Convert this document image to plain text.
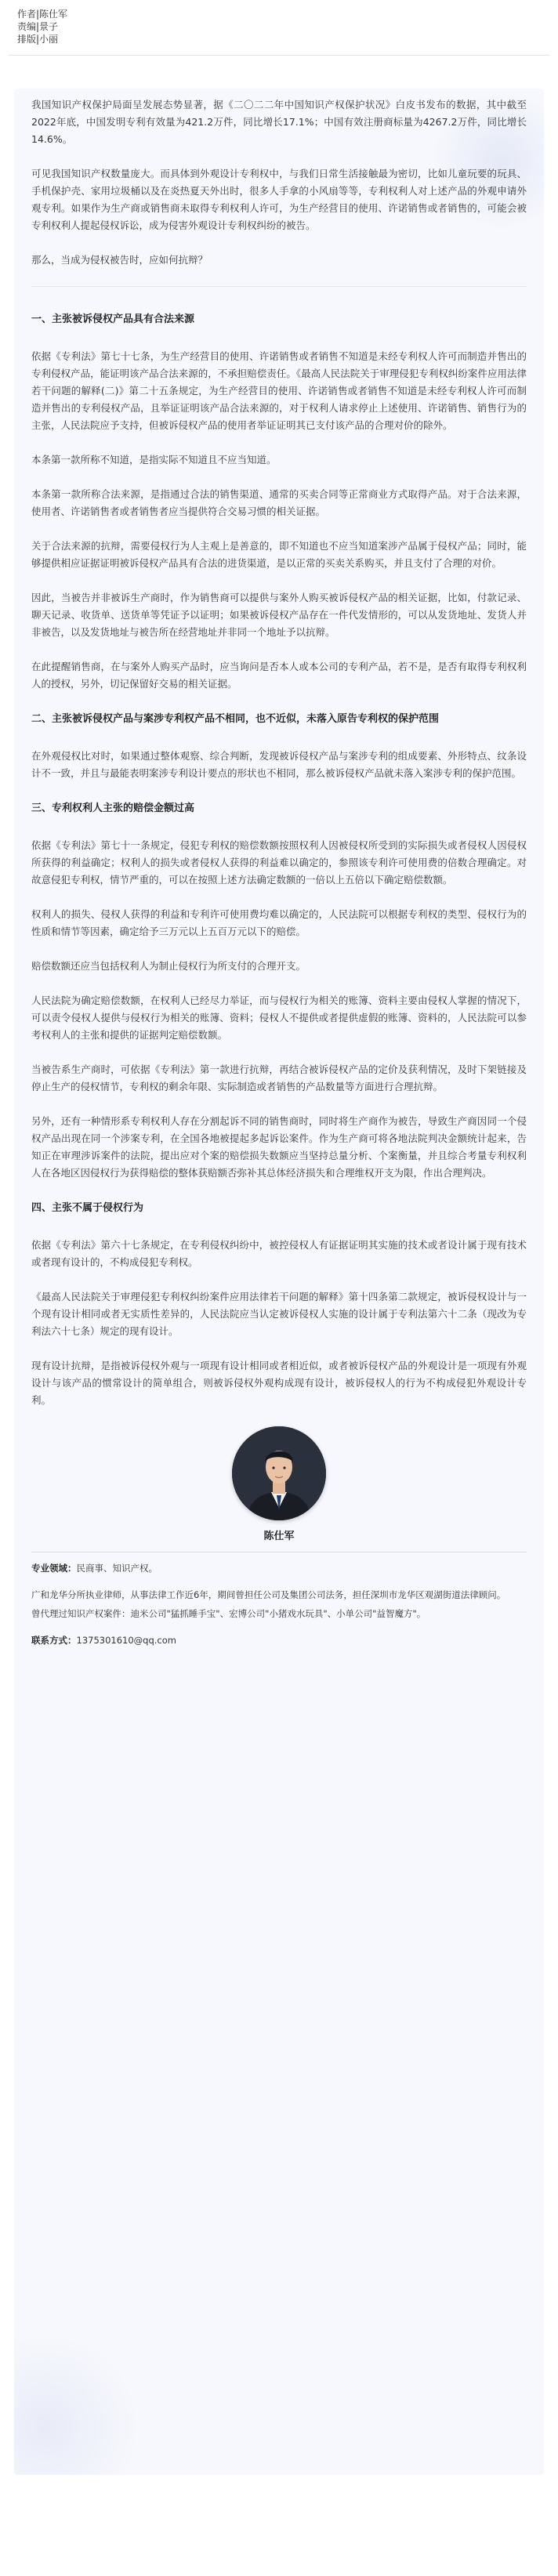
作者|陈仕军
责编|景子
排版|小丽
我国知识产权保护局面呈发展态势显著，据《二〇二二年中国知识产权保护状况》白皮书发布的数据，其中截至2022年底，中国发明专利有效量为421.2万件，同比增长17.1%；中国有效注册商标量为4267.2万件，同比增长14.6%。
可见我国知识产权数量庞大。而具体到外观设计专利权中，与我们日常生活接触最为密切，比如儿童玩要的玩具、手机保护壳、家用垃圾桶以及在炎热夏天外出时，很多人手拿的小风扇等等，专利权利人对上述产品的外观申请外观专利。如果作为生产商或销售商未取得专利权利人许可，为生产经营目的使用、许诺销售或者销售的，可能会被专利权利人提起侵权诉讼，成为侵害外观设计专利权纠纷的被告。
那么，当成为侵权被告时，应如何抗辩？
一、主张被诉侵权产品具有合法来源
依据《专利法》第七十七条，为生产经营目的使用、许诺销售或者销售不知道是未经专利权人许可而制造并售出的专利侵权产品，能证明该产品合法来源的，不承担赔偿责任。《最高人民法院关于审理侵犯专利权纠纷案件应用法律若干问题的解释(二)》第二十五条规定，为生产经营目的使用、许诺销售或者销售不知道是未经专利权人许可而制造并售出的专利侵权产品，且举证证明该产品合法来源的，对于权利人请求停止上述使用、许诺销售、销售行为的主张，人民法院应予支持，但被诉侵权产品的使用者举证证明其已支付该产品的合理对价的除外。
本条第一款所称不知道，是指实际不知道且不应当知道。
本条第一款所称合法来源，是指通过合法的销售渠道、通常的买卖合同等正常商业方式取得产品。对于合法来源，使用者、许诺销售者或者销售者应当提供符合交易习惯的相关证据。
关于合法来源的抗辩，需要侵权行为人主观上是善意的，即不知道也不应当知道案涉产品属于侵权产品；同时，能够提供相应证据证明被诉侵权产品具有合法的进货渠道，是以正常的买卖关系购买，并且支付了合理的对价。
因此，当被告并非被诉生产商时，作为销售商可以提供与案外人购买被诉侵权产品的相关证据，比如，付款记录、聊天记录、收货单、送货单等凭证予以证明；如果被诉侵权产品存在一件代发情形的，可以从发货地址、发货人并非被告，以及发货地址与被告所在经营地址并非同一个地址予以抗辩。
在此提醒销售商，在与案外人购买产品时，应当询问是否本人或本公司的专利产品，若不是，是否有取得专利权利人的授权，另外，切记保留好交易的相关证据。
二、主张被诉侵权产品与案涉专利权产品不相同，也不近似，未落入原告专利权的保护范围
在外观侵权比对时，如果通过整体观察、综合判断，发现被诉侵权产品与案涉专利的组成要素、外形特点、纹条设计不一致，并且与最能表明案涉专利设计要点的形状也不相同，那么被诉侵权产品就未落入案涉专利的保护范围。
三、专利权利人主张的赔偿金额过高
依据《专利法》第七十一条规定，侵犯专利权的赔偿数额按照权利人因被侵权所受到的实际损失或者侵权人因侵权所获得的利益确定；权利人的损失或者侵权人获得的利益难以确定的，参照该专利许可使用费的倍数合理确定。对故意侵犯专利权，情节严重的，可以在按照上述方法确定数额的一倍以上五倍以下确定赔偿数额。
权利人的损失、侵权人获得的利益和专利许可使用费均难以确定的，人民法院可以根据专利权的类型、侵权行为的性质和情节等因素，确定给予三万元以上五百万元以下的赔偿。
赔偿数额还应当包括权利人为制止侵权行为所支付的合理开支。
人民法院为确定赔偿数额，在权利人已经尽力举证，而与侵权行为相关的账簿、资料主要由侵权人掌握的情况下，可以责令侵权人提供与侵权行为相关的账簿、资料；侵权人不提供或者提供虚假的账簿、资料的，人民法院可以参考权利人的主张和提供的证据判定赔偿数额。
当被告系生产商时，可依据《专利法》第一款进行抗辩，再结合被诉侵权产品的定价及获利情况，及时下架链接及停止生产的侵权情节，专利权的剩余年限、实际制造或者销售的产品数量等方面进行合理抗辩。
另外，还有一种情形系专利权利人存在分割起诉不同的销售商时，同时将生产商作为被告，导致生产商因同一个侵权产品出现在同一个涉案专利，在全国各地被提起多起诉讼案件。作为生产商可将各地法院判决金额统计起来，告知正在审理涉诉案件的法院，提出应对个案的赔偿损失数额应当坚持总量分析、个案衡量，并且综合考量专利权利人在各地区因侵权行为获得赔偿的整体获赔额否弥补其总体经济损失和合理维权开支为限，作出合理判决。
四、主张不属于侵权行为
依据《专利法》第六十七条规定，在专利侵权纠纷中，被控侵权人有证据证明其实施的技术或者设计属于现有技术或者现有设计的，不构成侵犯专利权。
《最高人民法院关于审理侵犯专利权纠纷案件应用法律若干问题的解释》第十四条第二款规定，被诉侵权设计与一个现有设计相同或者无实质性差异的，人民法院应当认定被诉侵权人实施的设计属于专利法第六十二条（现改为专利法六十七条）规定的现有设计。
现有设计抗辩，是指被诉侵权外观与一项现有设计相同或者相近似，或者被诉侵权产品的外观设计是一项现有外观设计与该产品的惯常设计的简单组合，则被诉侵权外观构成现有设计，被诉侵权人的行为不构成侵犯外观设计专利。
陈仕军
专业领域：民商事、知识产权。
广和龙华分所执业律师，从事法律工作近6年，期间曾担任公司及集团公司法务，担任深圳市龙华区观湖街道法律顾问。
曾代理过知识产权案件：迪米公司"猛抓睡手宝"、宏博公司"小猪戏水玩具"、小单公司"益智魔方"。
联系方式：1375301610@qq.com
